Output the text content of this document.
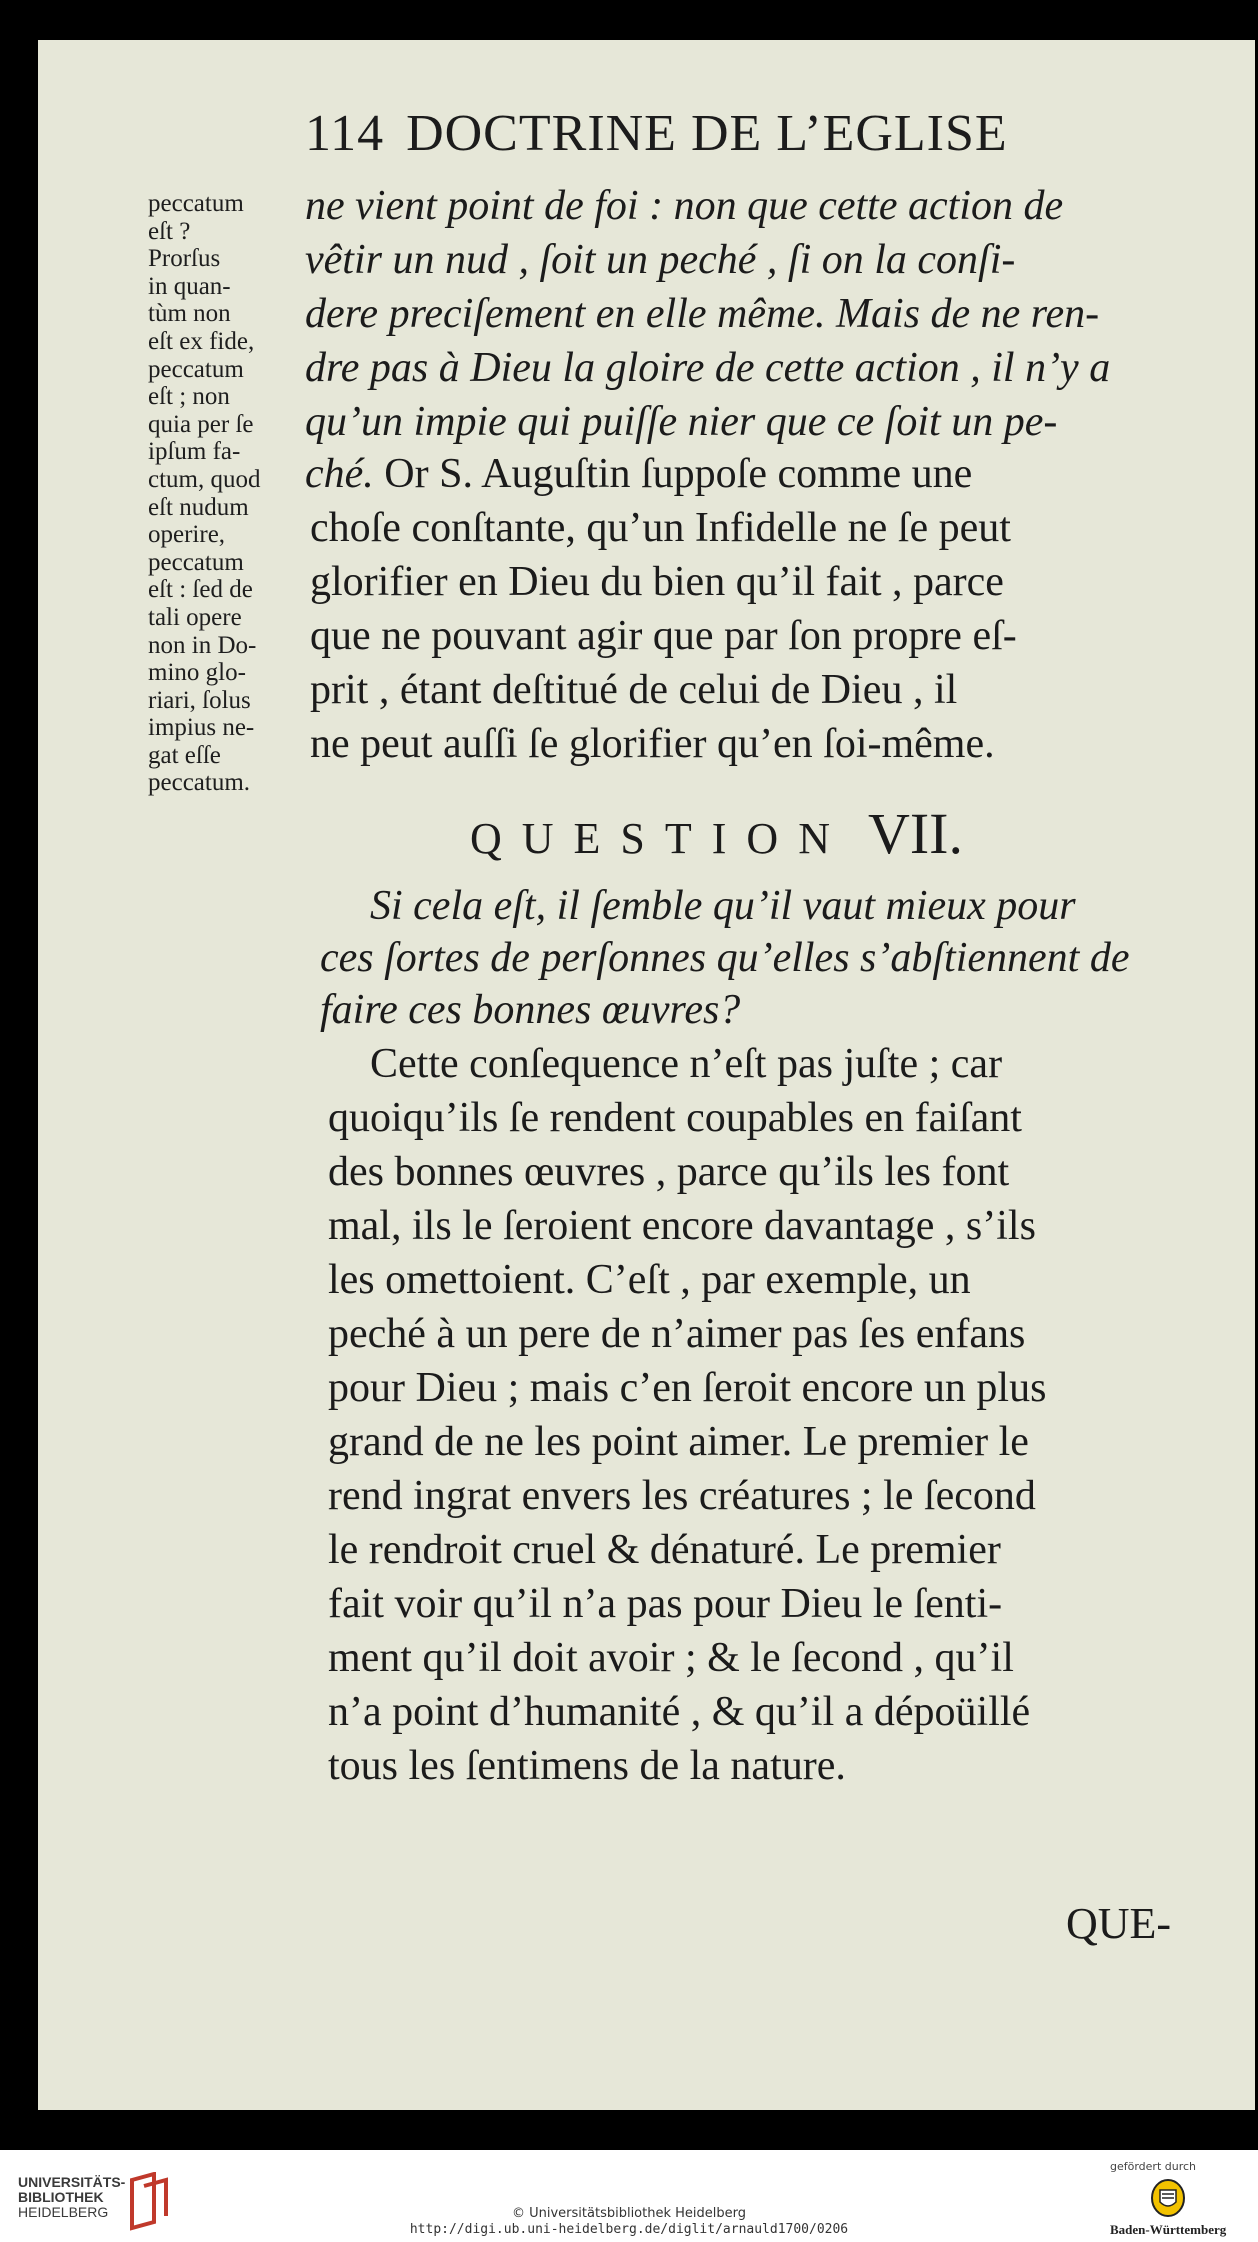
114 DOCTRINE DE L’EGLISE
peccatum
eſt ?
Prorſus
in quan-
tùm non
eſt ex fide,
peccatum
eſt ; non
quia per ſe
ipſum fa-
ctum, quod
eſt nudum
operire,
peccatum
eſt : ſed de
tali opere
non in Do-
mino glo-
riari, ſolus
impius ne-
gat eſſe
peccatum.
ne vient point de foi : non que cette action de
vêtir un nud , ſoit un peché , ſi on la conſi-
dere preciſement en elle même. Mais de ne ren-
dre pas à Dieu la gloire de cette action , il n’y a
qu’un impie qui puiſſe nier que ce ſoit un pe-
ché. Or S. Auguſtin ſuppoſe comme une
choſe conſtante, qu’un Infidelle ne ſe peut
glorifier en Dieu du bien qu’il fait , parce
que ne pouvant agir que par ſon propre eſ-
prit , étant deſtitué de celui de Dieu , il
ne peut auſſi ſe glorifier qu’en ſoi-même.
QUESTION VII.
Si cela eſt, il ſemble qu’il vaut mieux pour
ces ſortes de perſonnes qu’elles s’abſtiennent de
faire ces bonnes œuvres?
Cette conſequence n’eſt pas juſte ; car
quoiqu’ils ſe rendent coupables en faiſant
des bonnes œuvres , parce qu’ils les font
mal, ils le ſeroient encore davantage , s’ils
les omettoient. C’eſt , par exemple, un
peché à un pere de n’aimer pas ſes enfans
pour Dieu ; mais c’en ſeroit encore un plus
grand de ne les point aimer. Le premier le
rend ingrat envers les créatures ; le ſecond
le rendroit cruel & dénaturé. Le premier
fait voir qu’il n’a pas pour Dieu le ſenti-
ment qu’il doit avoir ; & le ſecond , qu’il
n’a point d’humanité , & qu’il a dépoüillé
tous les ſentimens de la nature.
QUE-
UNIVERSITÄTS-
BIBLIOTHEK
HEIDELBERG	© Universitätsbibliothek Heidelberg
http://digi.ub.uni-heidelberg.de/diglit/arnauld1700/0206
gefördert durch
Baden-Württemberg
